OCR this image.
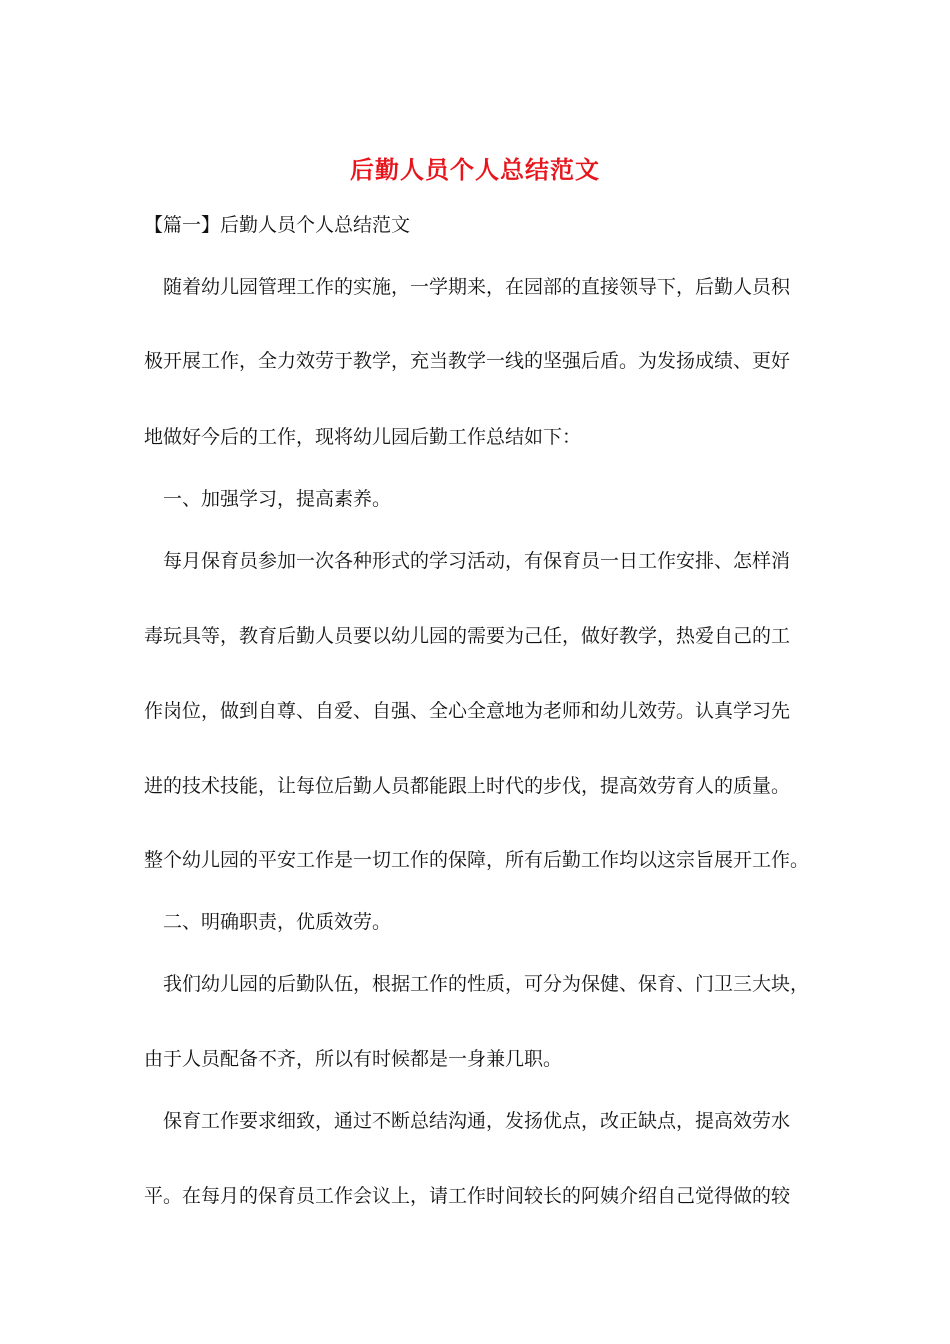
后勤人员个人总结范文

【篇一】后勤人员个人总结范文

随着幼儿园管理工作的实施，一学期来，在园部的直接领导下，后勤人员积

极开展工作，全力效劳于教学，充当教学一线的坚强后盾。为发扬成绩、更好

地做好今后的工作，现将幼儿园后勤工作总结如下：

一、加强学习，提高素养。

每月保育员参加一次各种形式的学习活动，有保育员一日工作安排、怎样消

毒玩具等，教育后勤人员要以幼儿园的需要为己任，做好教学，热爱自己的工

作岗位，做到自尊、自爱、自强、全心全意地为老师和幼儿效劳。认真学习先

进的技术技能，让每位后勤人员都能跟上时代的步伐，提高效劳育人的质量。

整个幼儿园的平安工作是一切工作的保障，所有后勤工作均以这宗旨展开工作。

二、明确职责，优质效劳。

我们幼儿园的后勤队伍，根据工作的性质，可分为保健、保育、门卫三大块，

由于人员配备不齐，所以有时候都是一身兼几职。

保育工作要求细致，通过不断总结沟通，发扬优点，改正缺点，提高效劳水

平。在每月的保育员工作会议上，请工作时间较长的阿姨介绍自己觉得做的较
